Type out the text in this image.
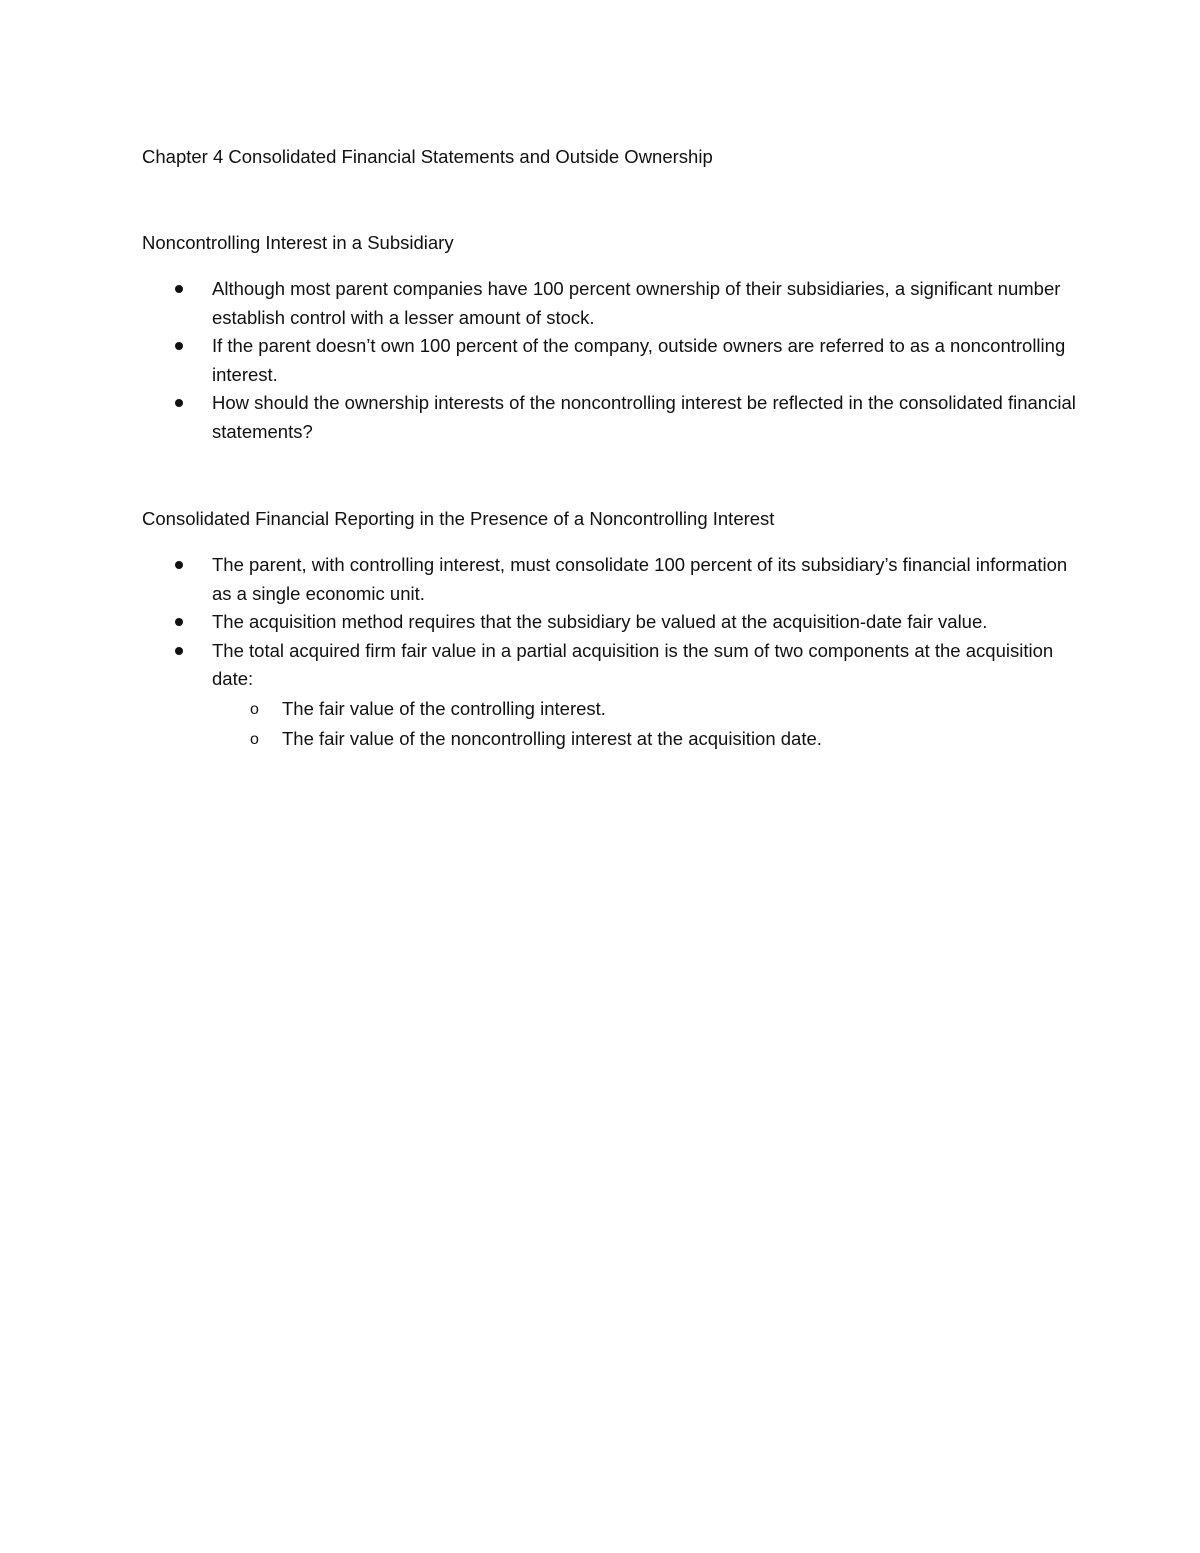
Chapter 4 Consolidated Financial Statements and Outside Ownership
Noncontrolling Interest in a Subsidiary
Although most parent companies have 100 percent ownership of their subsidiaries, a significant number establish control with a lesser amount of stock.
If the parent doesn’t own 100 percent of the company, outside owners are referred to as a noncontrolling interest.
How should the ownership interests of the noncontrolling interest be reflected in the consolidated financial statements?
Consolidated Financial Reporting in the Presence of a Noncontrolling Interest
The parent, with controlling interest, must consolidate 100 percent of its subsidiary’s financial information as a single economic unit.
The acquisition method requires that the subsidiary be valued at the acquisition-date fair value.
The total acquired firm fair value in a partial acquisition is the sum of two components at the acquisition date:
o The fair value of the controlling interest.
o The fair value of the noncontrolling interest at the acquisition date.
